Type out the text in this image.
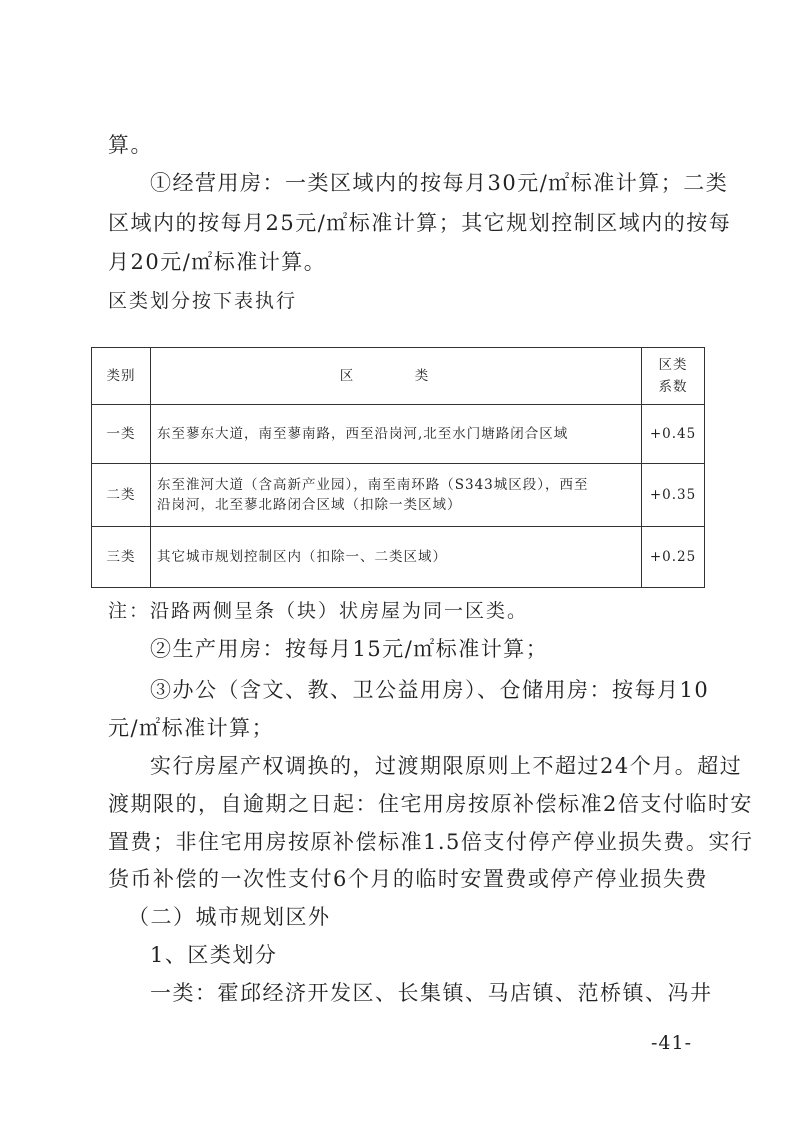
算。

①经营用房：一类区域内的按每月30元/㎡标准计算；二类

区域内的按每月25元/㎡标准计算；其它规划控制区域内的按每

月20元/㎡标准计算。

区类划分按下表执行

类别	区　类	区类
系数

一类	东至蓼东大道，南至蓼南路，西至沿岗河,北至水门塘路闭合区域	+0.45
二类	东至淮河大道（含高新产业园），南至南环路（S343城区段），西至
沿岗河，北至蓼北路闭合区域（扣除一类区域）	+0.35
三类	其它城市规划控制区内（扣除一、二类区域）	+0.25

注：沿路两侧呈条（块）状房屋为同一区类。

②生产用房：按每月15元/㎡标准计算；

③办公（含文、教、卫公益用房）、仓储用房：按每月10

元/㎡标准计算；

实行房屋产权调换的，过渡期限原则上不超过24个月。超过

渡期限的，自逾期之日起：住宅用房按原补偿标准2倍支付临时安

置费；非住宅用房按原补偿标准1.5倍支付停产停业损失费。实行

货币补偿的一次性支付6个月的临时安置费或停产停业损失费

（二）城市规划区外

1、区类划分

一类：霍邱经济开发区、长集镇、马店镇、范桥镇、冯井

-41-
